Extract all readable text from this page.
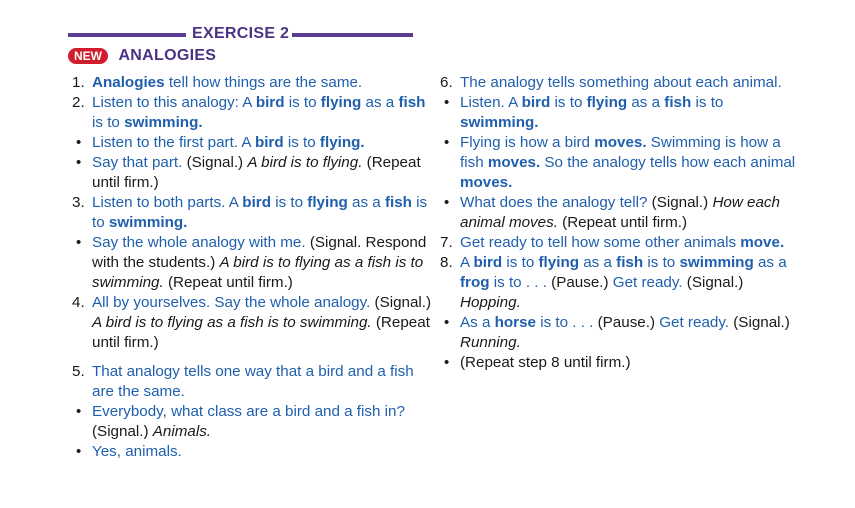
EXERCISE 2
NEW ANALOGIES
1. Analogies tell how things are the same.
2. Listen to this analogy: A bird is to flying as a fish is to swimming.
• Listen to the first part. A bird is to flying.
• Say that part. (Signal.) A bird is to flying. (Repeat until firm.)
3. Listen to both parts. A bird is to flying as a fish is to swimming.
• Say the whole analogy with me. (Signal. Respond with the students.) A bird is to flying as a fish is to swimming. (Repeat until firm.)
4. All by yourselves. Say the whole analogy. (Signal.) A bird is to flying as a fish is to swimming. (Repeat until firm.)
5. That analogy tells one way that a bird and a fish are the same.
• Everybody, what class are a bird and a fish in? (Signal.) Animals.
• Yes, animals.
6. The analogy tells something about each animal.
• Listen. A bird is to flying as a fish is to swimming.
• Flying is how a bird moves. Swimming is how a fish moves. So the analogy tells how each animal moves.
• What does the analogy tell? (Signal.) How each animal moves. (Repeat until firm.)
7. Get ready to tell how some other animals move.
8. A bird is to flying as a fish is to swimming as a frog is to . . . (Pause.) Get ready. (Signal.) Hopping.
• As a horse is to . . . (Pause.) Get ready. (Signal.) Running.
• (Repeat step 8 until firm.)
